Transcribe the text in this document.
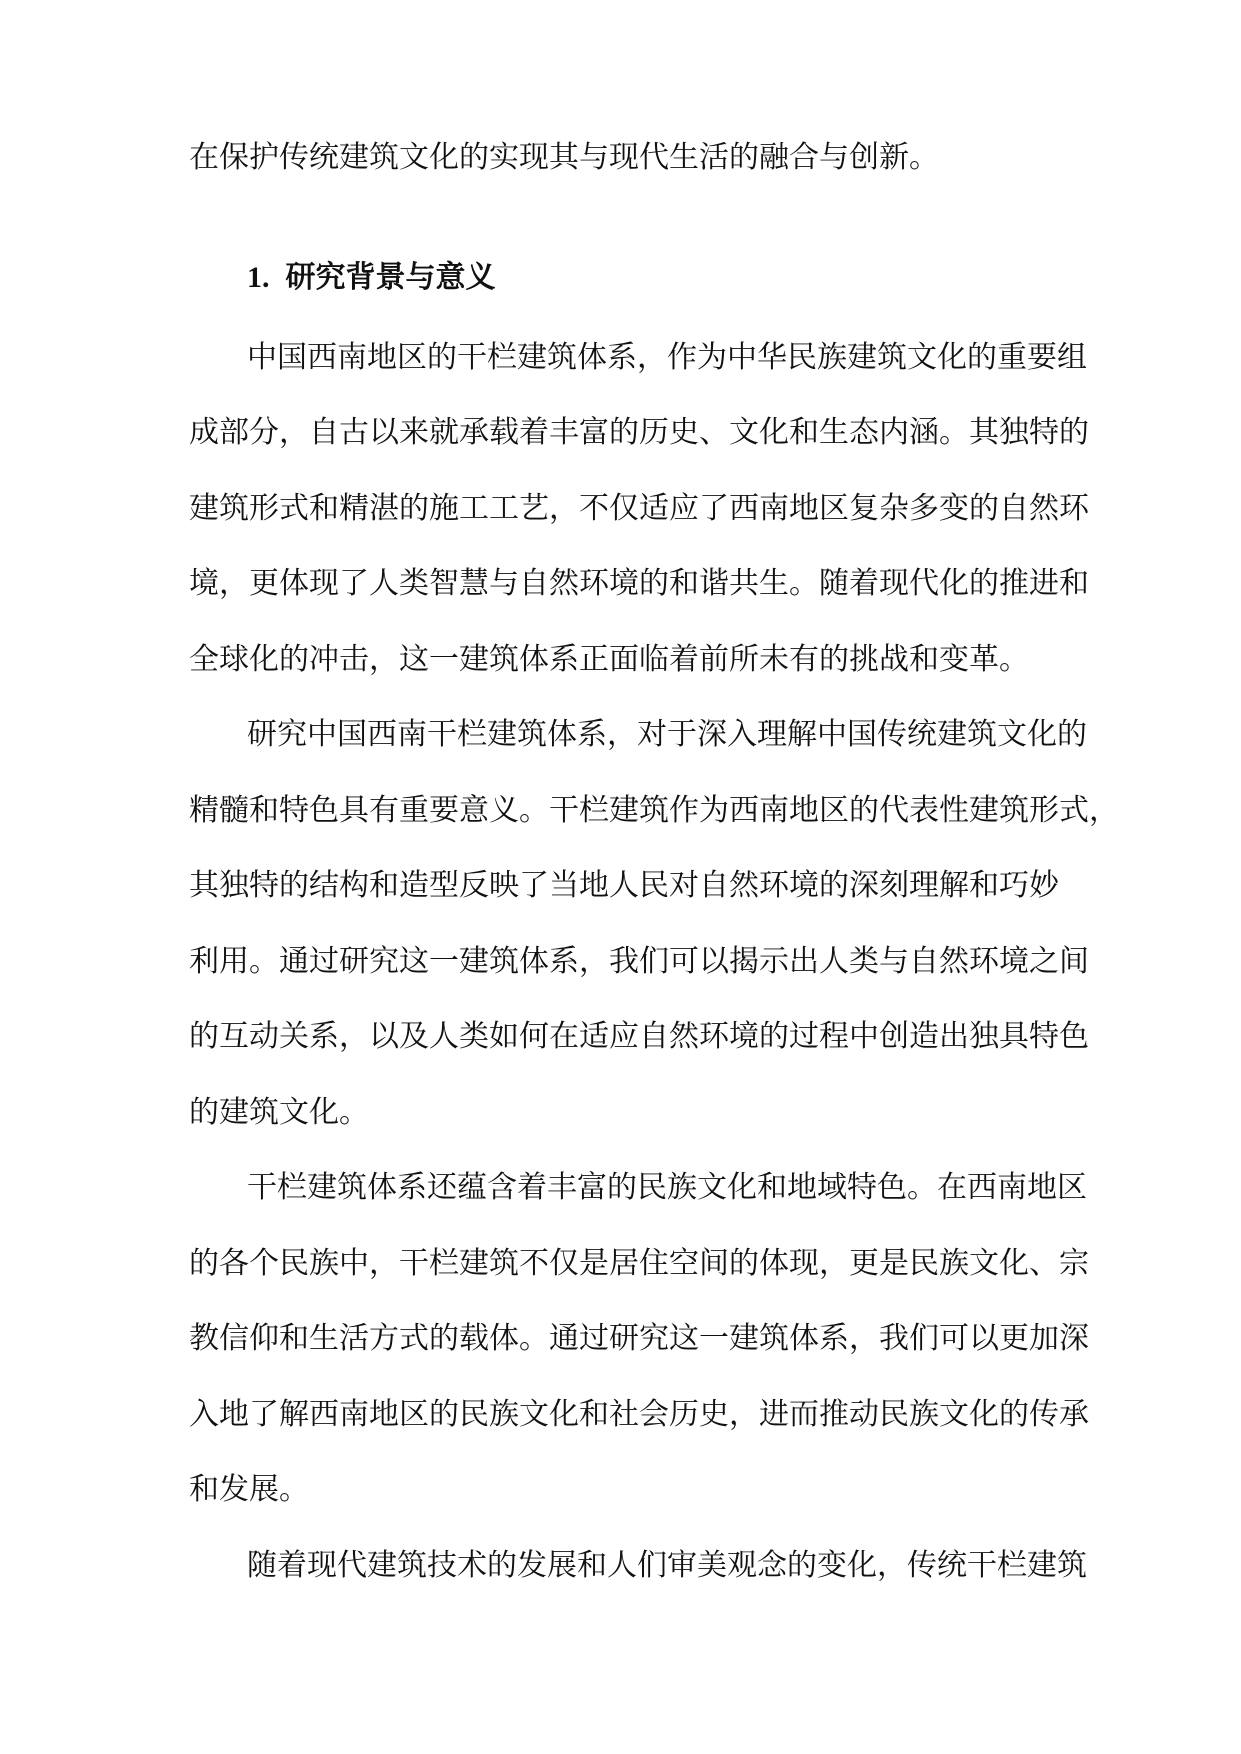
在保护传统建筑文化的实现其与现代生活的融合与创新。
1. 研究背景与意义
中国西南地区的干栏建筑体系，作为中华民族建筑文化的重要组
成部分，自古以来就承载着丰富的历史、文化和生态内涵。其独特的
建筑形式和精湛的施工工艺，不仅适应了西南地区复杂多变的自然环
境，更体现了人类智慧与自然环境的和谐共生。随着现代化的推进和
全球化的冲击，这一建筑体系正面临着前所未有的挑战和变革。
研究中国西南干栏建筑体系，对于深入理解中国传统建筑文化的
精髓和特色具有重要意义。干栏建筑作为西南地区的代表性建筑形式，
其独特的结构和造型反映了当地人民对自然环境的深刻理解和巧妙
利用。通过研究这一建筑体系，我们可以揭示出人类与自然环境之间
的互动关系，以及人类如何在适应自然环境的过程中创造出独具特色
的建筑文化。
干栏建筑体系还蕴含着丰富的民族文化和地域特色。在西南地区
的各个民族中，干栏建筑不仅是居住空间的体现，更是民族文化、宗
教信仰和生活方式的载体。通过研究这一建筑体系，我们可以更加深
入地了解西南地区的民族文化和社会历史，进而推动民族文化的传承
和发展。
随着现代建筑技术的发展和人们审美观念的变化，传统干栏建筑
